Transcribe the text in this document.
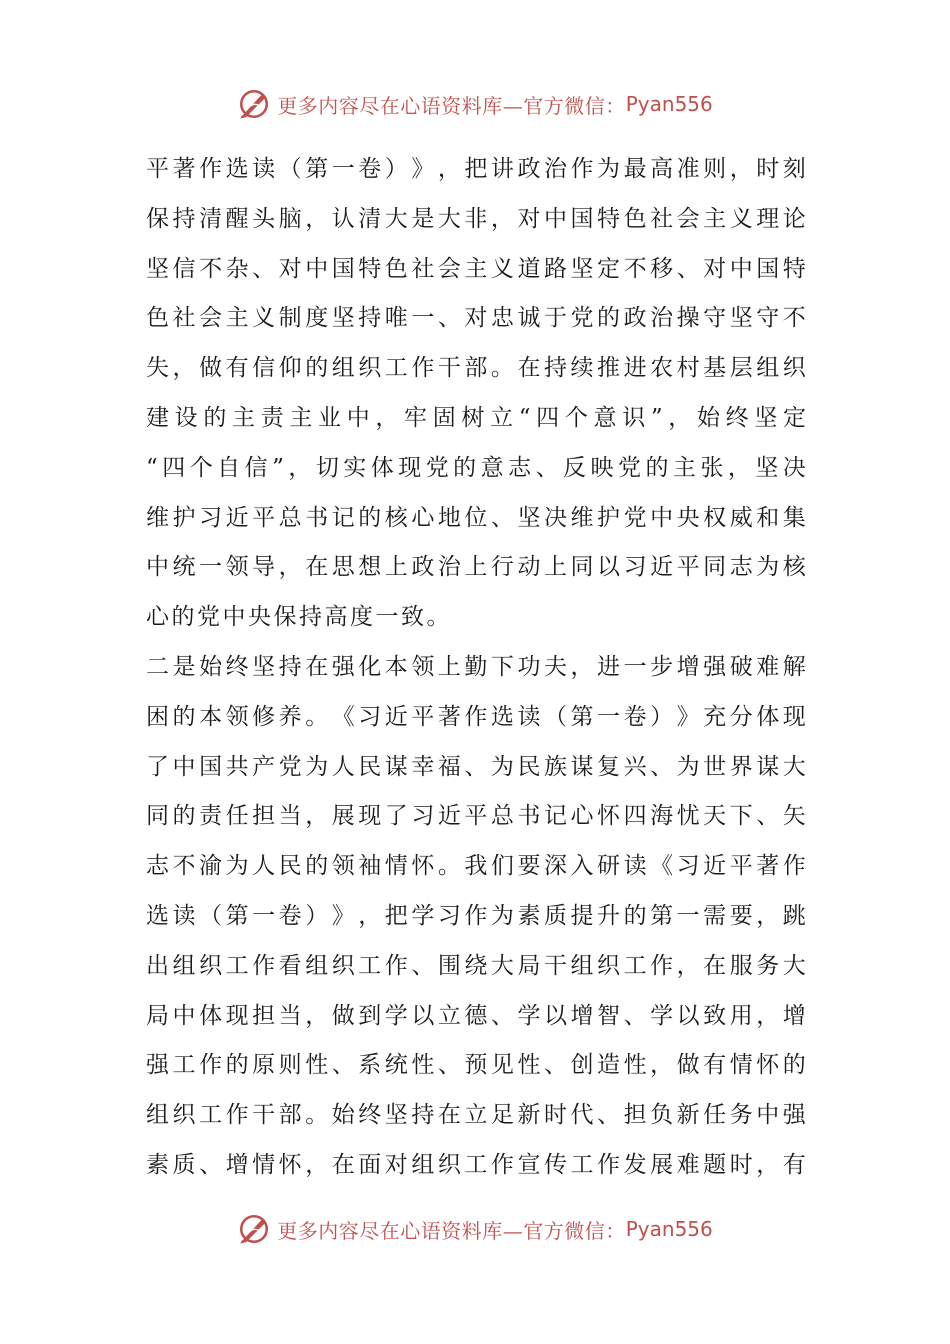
更多内容尽在心语资料库—官方微信： Pyan556
平 著 作 选 读 （ 第 一 卷 ） 》 ， 把 讲 政 治 作 为 最 高 准 则 ， 时 刻
保 持 清 醒 头 脑 ， 认 清 大 是 大 非 ， 对 中 国 特 色 社 会 主 义 理 论
坚 信 不 杂 、 对 中 国 特 色 社 会 主 义 道 路 坚 定 不 移 、 对 中 国 特
色 社 会 主 义 制 度 坚 持 唯 一 、 对 忠 诚 于 党 的 政 治 操 守 坚 守 不
失 ， 做 有 信 仰 的 组 织 工 作 干 部 。 在 持 续 推 进 农 村 基 层 组 织
建 设 的 主 责 主 业 中 ， 牢 固 树 立 “ 四 个 意 识 ” ， 始 终 坚 定
“ 四 个 自 信 ” ， 切 实 体 现 党 的 意 志 、 反 映 党 的 主 张 ， 坚 决
维 护 习 近 平 总 书 记 的 核 心 地 位 、 坚 决 维 护 党 中 央 权 威 和 集
中 统 一 领 导 ， 在 思 想 上 政 治 上 行 动 上 同 以 习 近 平 同 志 为 核
心的党中央保持高度一致。
二 是 始 终 坚 持 在 强 化 本 领 上 勤 下 功 夫 ， 进 一 步 增 强 破 难 解
困 的 本 领 修 养 。 《 习 近 平 著 作 选 读 （ 第 一 卷 ） 》 充 分 体 现
了 中 国 共 产 党 为 人 民 谋 幸 福 、 为 民 族 谋 复 兴 、 为 世 界 谋 大
同 的 责 任 担 当 ， 展 现 了 习 近 平 总 书 记 心 怀 四 海 忧 天 下 、 矢
志 不 渝 为 人 民 的 领 袖 情 怀 。 我 们 要 深 入 研 读 《 习 近 平 著 作
选 读 （ 第 一 卷 ） 》 ， 把 学 习 作 为 素 质 提 升 的 第 一 需 要 ， 跳
出 组 织 工 作 看 组 织 工 作 、 围 绕 大 局 干 组 织 工 作 ， 在 服 务 大
局 中 体 现 担 当 ， 做 到 学 以 立 德 、 学 以 增 智 、 学 以 致 用 ， 增
强 工 作 的 原 则 性 、 系 统 性 、 预 见 性 、 创 造 性 ， 做 有 情 怀 的
组 织 工 作 干 部 。 始 终 坚 持 在 立 足 新 时 代 、 担 负 新 任 务 中 强
素 质 、 增 情 怀 ， 在 面 对 组 织 工 作 宣 传 工 作 发 展 难 题 时 ， 有
更多内容尽在心语资料库—官方微信： Pyan556
